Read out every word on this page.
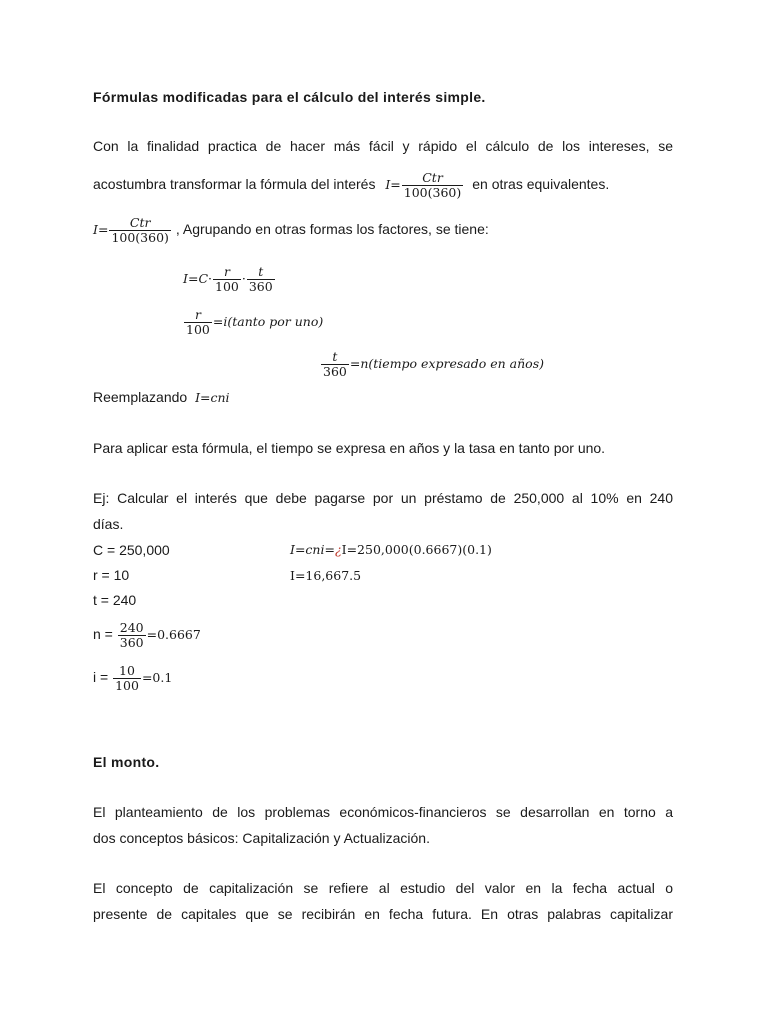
Fórmulas modificadas para el cálculo del interés simple.
Con la finalidad practica de hacer más fácil y rápido el cálculo de los intereses, se
acostumbra transformar la fórmula del interés $I= \frac{\text{Ctr}}{100(360)}$ en otras equivalentes.
$I= \frac{\text{Ctr}}{100(360)}$ , Agrupando en otras formas los factores, se tiene:
$I=C\cdot \frac{r}{100} \cdot \frac{t}{360}$
$\frac{r}{100}$ =i(tanto por uno)
$\frac{t}{360}$ =n(tiempo expresado en años)
Reemplazando I=cni
Para aplicar esta fórmula, el tiempo se expresa en años y la tasa en tanto por uno.
Ej: Calcular el interés que debe pagarse por un préstamo de 250,000 al 10% en 240
días.
C = 250,000
r = 10
t = 240
$n = \frac{240}{360} =0.6667$
$i = \frac{10}{100} =0.1$
I=cni=¿I=250,000(0.6667)(0.1)
I=16,667.5
El monto.
El planteamiento de los problemas económicos-financieros se desarrollan en torno a
dos conceptos básicos: Capitalización y Actualización.
El concepto de capitalización se refiere al estudio del valor en la fecha actual o
presente de capitales que se recibirán en fecha futura. En otras palabras capitalizar
